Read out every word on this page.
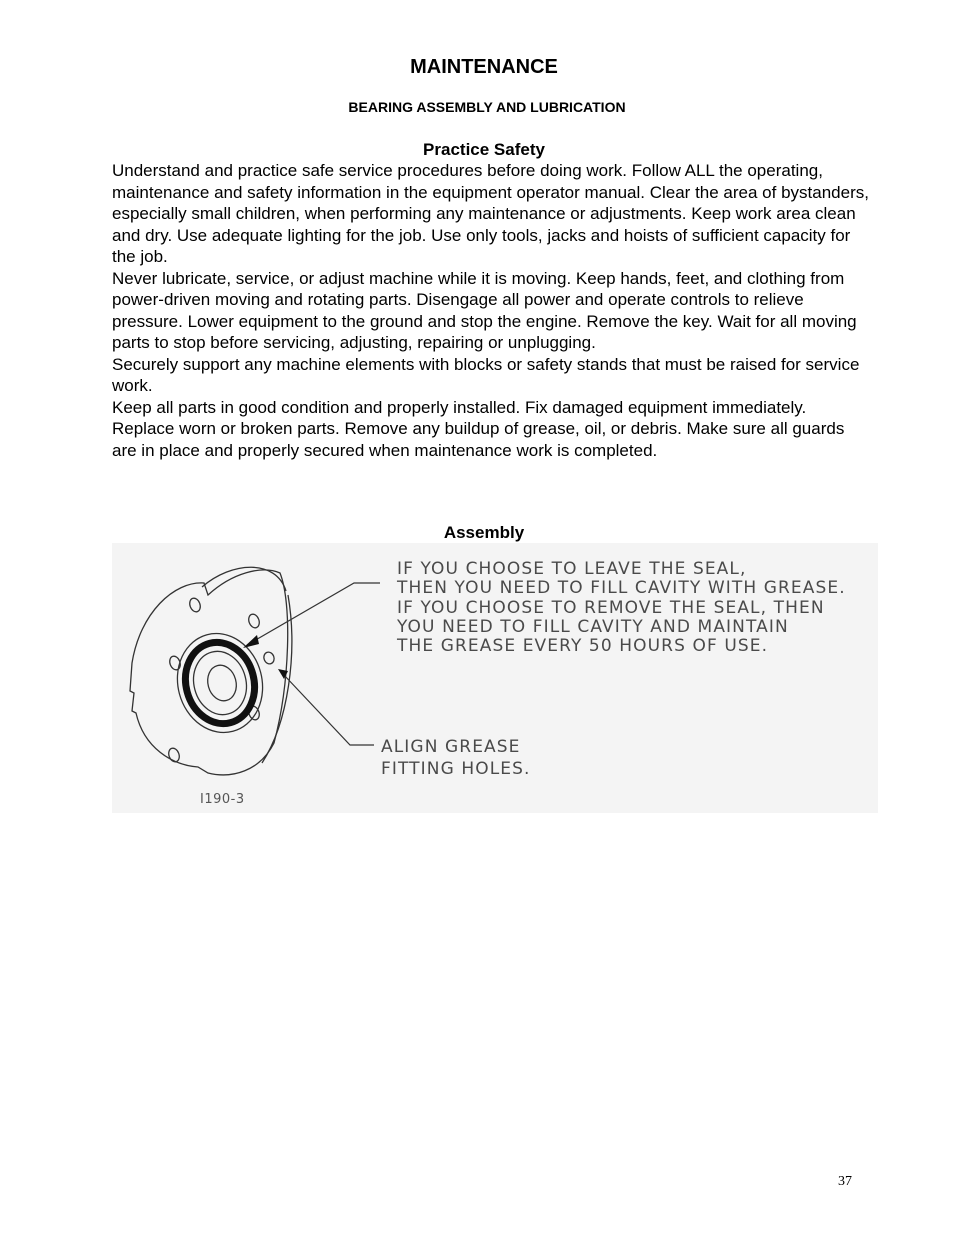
MAINTENANCE
BEARING ASSEMBLY AND LUBRICATION
Practice Safety

Understand and practice safe service procedures before doing work. Follow ALL the operating, maintenance and safety information in the equipment operator manual. Clear the area of bystanders, especially small children, when performing any maintenance or adjustments. Keep work area clean and dry. Use adequate lighting for the job. Use only tools, jacks and hoists of sufficient capacity for the job.

Never lubricate, service, or adjust machine while it is moving. Keep hands, feet, and clothing from power-driven moving and rotating parts. Disengage all power and operate controls to relieve pressure. Lower equipment to the ground and stop the engine. Remove the key. Wait for all moving parts to stop before servicing, adjusting, repairing or unplugging.

Securely support any machine elements with blocks or safety stands that must be raised for service work.

Keep all parts in good condition and properly installed. Fix damaged equipment immediately. Replace worn or broken parts. Remove any buildup of grease, oil, or debris. Make sure all guards are in place and properly secured when maintenance work is completed.

Assembly

IF YOU CHOOSE TO LEAVE THE SEAL,
THEN YOU NEED TO FILL CAVITY WITH GREASE.
IF YOU CHOOSE TO REMOVE THE SEAL, THEN
YOU NEED TO FILL CAVITY AND MAINTAIN
THE GREASE EVERY 50 HOURS OF USE.

ALIGN GREASE
FITTING HOLES.

I190-3
37
